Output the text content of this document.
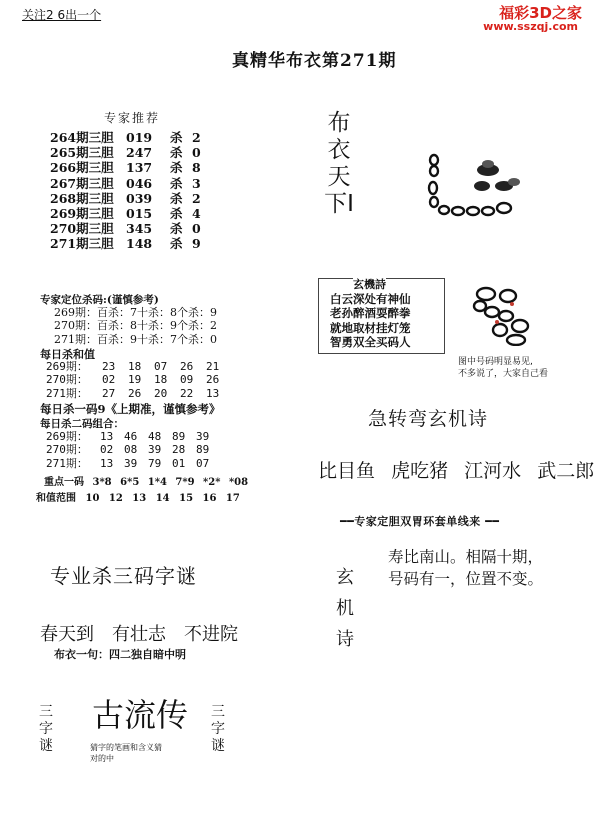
关注2 6出一个	福彩3D之家
www.sszqj.com
真精华布衣第271期
专家推荐
264期三胆 019 杀 2
265期三胆 247 杀 0
266期三胆 137 杀 8
267期三胆 046 杀 3
268期三胆 039 杀 2
269期三胆 015 杀 4
270期三胆 345 杀 0
271期三胆 148 杀 9
专家定位杀码:(谨慎参考)
269期：百杀：7十杀：8个杀：9
270期：百杀：8十杀：9个杀：2
271期：百杀：9十杀：7个杀：0
每日杀和值
269期： 23 18 07 26 21
270期： 02 19 18 09 26
271期： 27 26 20 22 13
每日杀一码9《上期准，谨慎参考》
每日杀二码组合：
269期： 13 46 48 89 39
270期： 02 08 39 28 89
271期： 13 39 79 01 07
重点一码 3*8 6*5 1*4 7*9 *2* *08
和值范围 10 12 13 14 15 16 17
专业杀三码字谜
春天到　有壮志　不进院
布衣一句：四二独自暗中明
三字谜
古流传 三字谜
猜字的笔画和含义猜
对的中
布衣天下I
玄機詩
白云深处有神仙
老孙醉酒耍醉拳
就地取材挂灯笼
智勇双全买码人
图中号码明显易见,
不多说了，大家自己看
急转弯玄机诗
比目鱼 虎吃猪 江河水 武二郎
━━专家定胆双胃环套单线来 ━━
玄机诗
寿比南山。相隔十期，
号码有一，位置不变。
